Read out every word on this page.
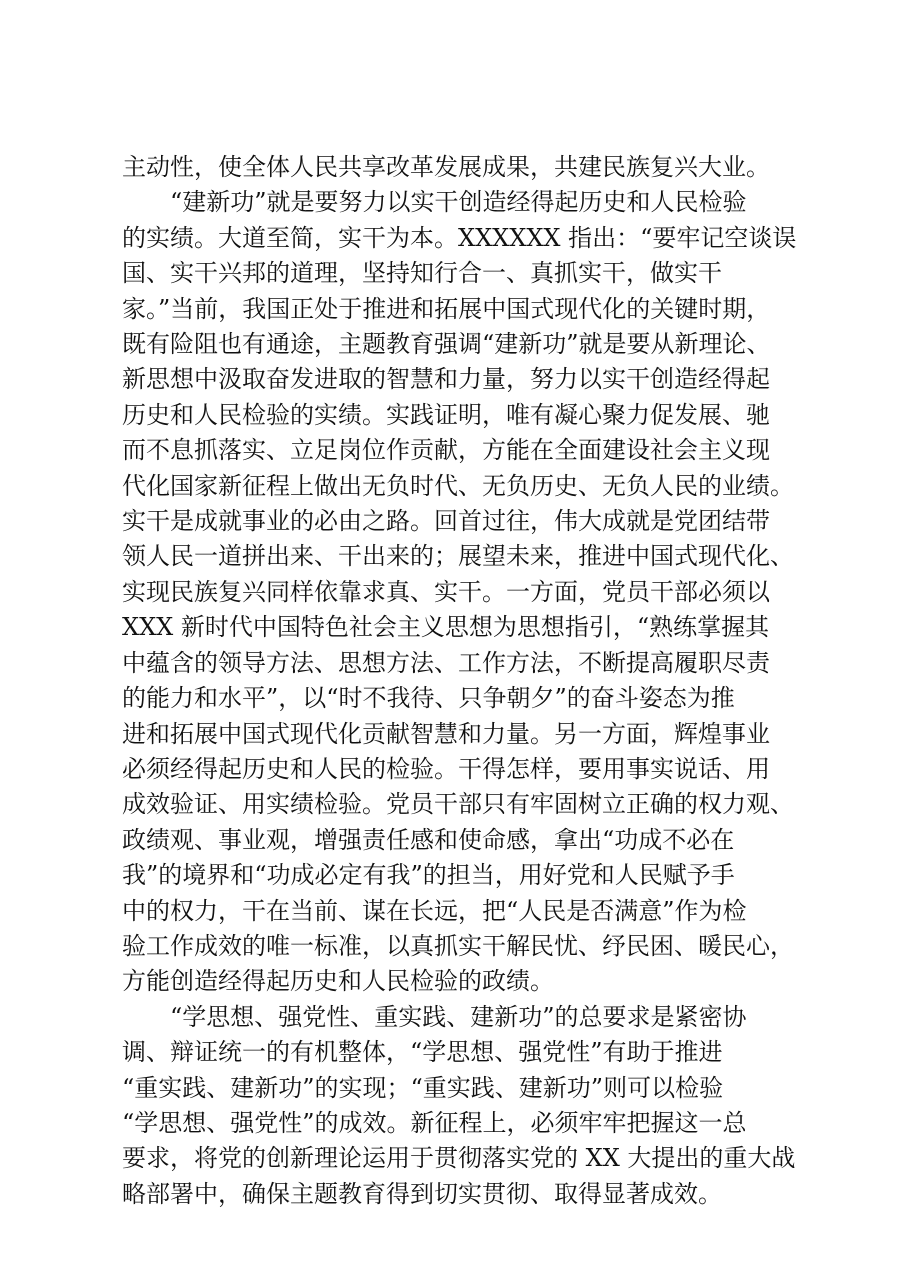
主动性，使全体人民共享改革发展成果，共建民族复兴大业。
“建新功”就是要努力以实干创造经得起历史和人民检验
的实绩。大道至简，实干为本。XXXXXX 指出：“要牢记空谈误
国、实干兴邦的道理，坚持知行合一、真抓实干，做实干
家。”当前，我国正处于推进和拓展中国式现代化的关键时期，
既有险阻也有通途，主题教育强调“建新功”就是要从新理论、
新思想中汲取奋发进取的智慧和力量，努力以实干创造经得起
历史和人民检验的实绩。实践证明，唯有凝心聚力促发展、驰
而不息抓落实、立足岗位作贡献，方能在全面建设社会主义现
代化国家新征程上做出无负时代、无负历史、无负人民的业绩。
实干是成就事业的必由之路。回首过往，伟大成就是党团结带
领人民一道拼出来、干出来的；展望未来，推进中国式现代化、
实现民族复兴同样依靠求真、实干。一方面，党员干部必须以
XXX 新时代中国特色社会主义思想为思想指引，“熟练掌握其
中蕴含的领导方法、思想方法、工作方法，不断提高履职尽责
的能力和水平”，以“时不我待、只争朝夕”的奋斗姿态为推
进和拓展中国式现代化贡献智慧和力量。另一方面，辉煌事业
必须经得起历史和人民的检验。干得怎样，要用事实说话、用
成效验证、用实绩检验。党员干部只有牢固树立正确的权力观、
政绩观、事业观，增强责任感和使命感，拿出“功成不必在
我”的境界和“功成必定有我”的担当，用好党和人民赋予手
中的权力，干在当前、谋在长远，把“人民是否满意”作为检
验工作成效的唯一标准，以真抓实干解民忧、纾民困、暖民心，
方能创造经得起历史和人民检验的政绩。
“学思想、强党性、重实践、建新功”的总要求是紧密协
调、辩证统一的有机整体，“学思想、强党性”有助于推进
“重实践、建新功”的实现；“重实践、建新功”则可以检验
“学思想、强党性”的成效。新征程上，必须牢牢把握这一总
要求，将党的创新理论运用于贯彻落实党的 XX 大提出的重大战
略部署中，确保主题教育得到切实贯彻、取得显著成效。
